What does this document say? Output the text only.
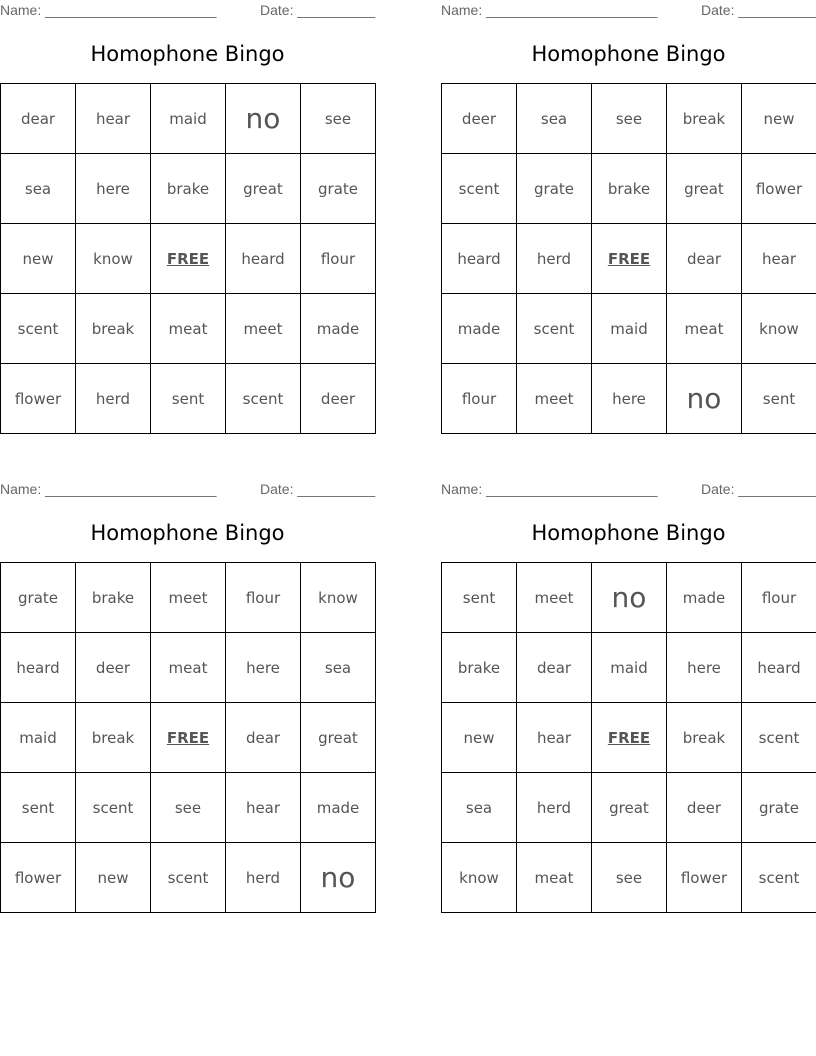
Name: ______________________	Date: __________
Homophone Bingo
dear	hear	maid	no	see
sea	here	brake	great	grate
new	know	FREE	heard	flour
scent	break	meat	meet	made
flower	herd	sent	scent	deer
Name: ______________________	Date: __________
Homophone Bingo
deer	sea	see	break	new
scent	grate	brake	great	flower
heard	herd	FREE	dear	hear
made	scent	maid	meat	know
flour	meet	here	no	sent
Name: ______________________	Date: __________
Homophone Bingo
grate	brake	meet	flour	know
heard	deer	meat	here	sea
maid	break	FREE	dear	great
sent	scent	see	hear	made
flower	new	scent	herd	no
Name: ______________________	Date: __________
Homophone Bingo
sent	meet	no	made	flour
brake	dear	maid	here	heard
new	hear	FREE	break	scent
sea	herd	great	deer	grate
know	meat	see	flower	scent
